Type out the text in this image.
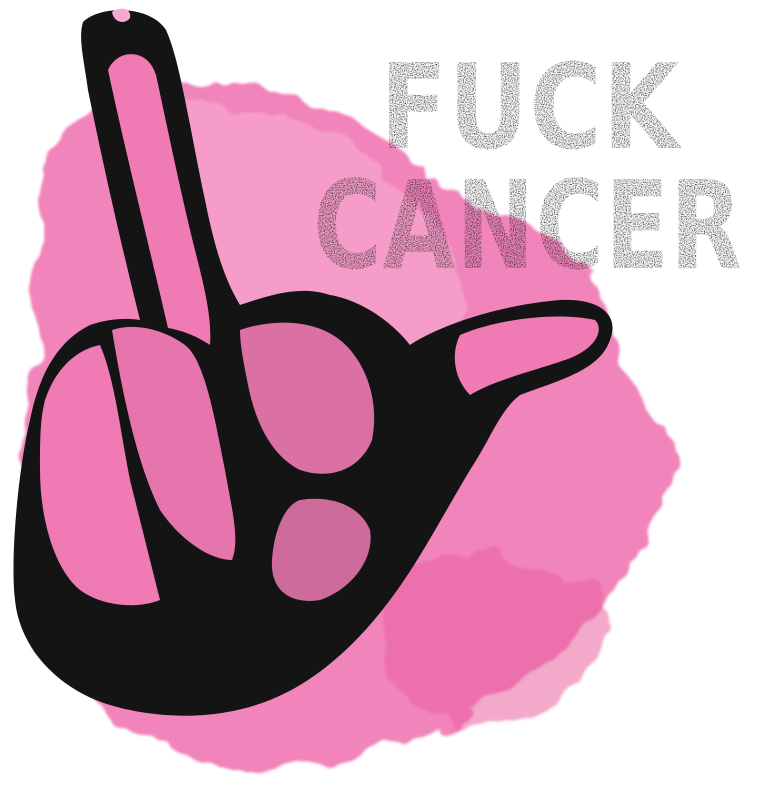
FUCK
CANCER
